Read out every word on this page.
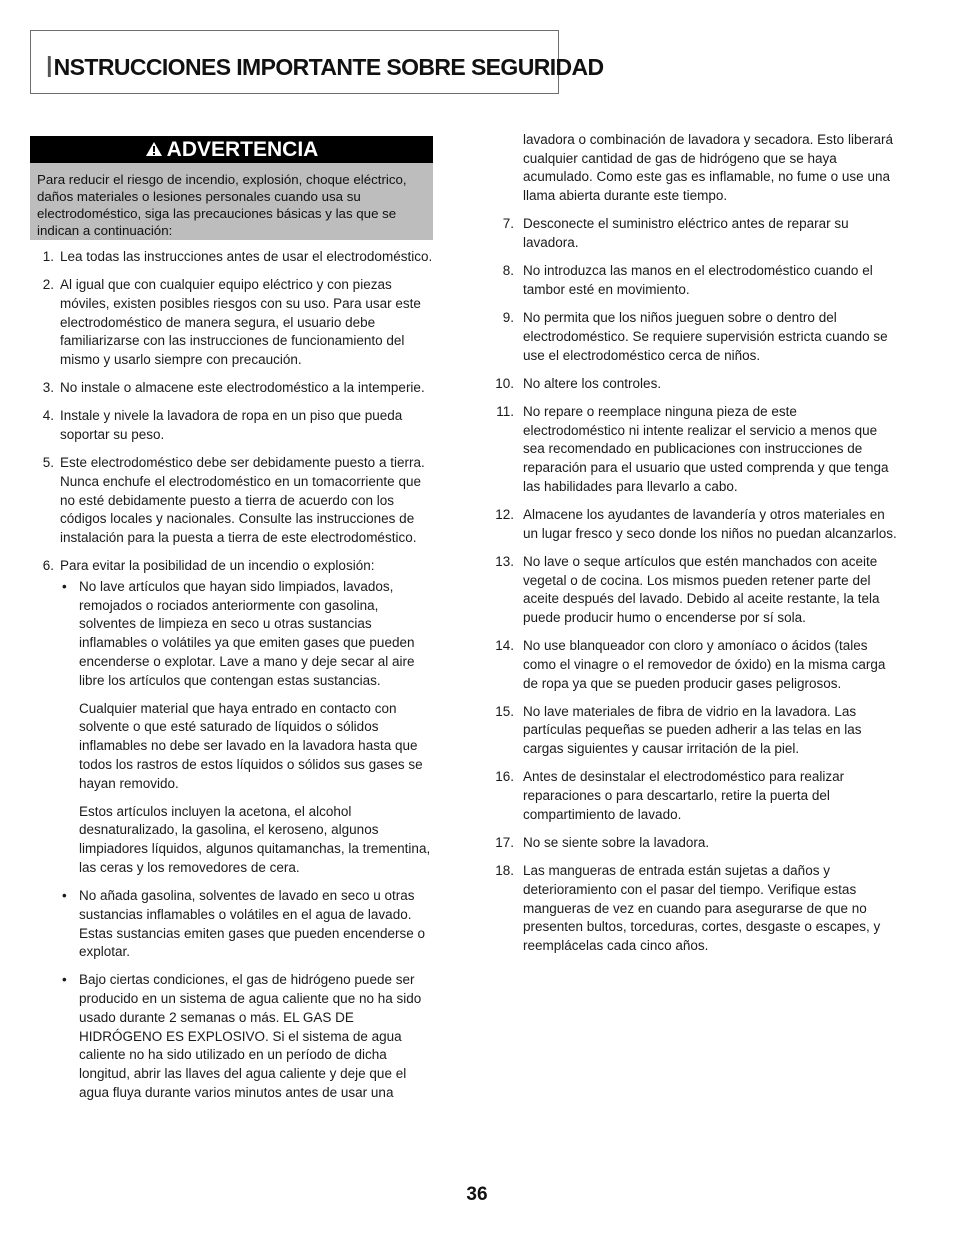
INSTRUCCIONES IMPORTANTE SOBRE SEGURIDAD
ADVERTENCIA
Para reducir el riesgo de incendio, explosión, choque eléctrico, daños materiales o lesiones personales cuando usa su electrodoméstico, siga las precauciones básicas y las que se indican a continuación:
1. Lea todas las instrucciones antes de usar el electrodoméstico.
2. Al igual que con cualquier equipo eléctrico y con piezas móviles, existen posibles riesgos con su uso. Para usar este electrodoméstico de manera segura, el usuario debe familiarizarse con las instrucciones de funcionamiento del mismo y usarlo siempre con precaución.
3. No instale o almacene este electrodoméstico a la intemperie.
4. Instale y nivele la lavadora de ropa en un piso que pueda soportar su peso.
5. Este electrodoméstico debe ser debidamente puesto a tierra. Nunca enchufe el electrodoméstico en un tomacorriente que no esté debidamente puesto a tierra de acuerdo con los códigos locales y nacionales. Consulte las instrucciones de instalación para la puesta a tierra de este electrodoméstico.
6. Para evitar la posibilidad de un incendio o explosión:
• No lave artículos que hayan sido limpiados, lavados, remojados o rociados anteriormente con gasolina, solventes de limpieza en seco u otras sustancias inflamables o volátiles ya que emiten gases que pueden encenderse o explotar. Lave a mano y deje secar al aire libre los artículos que contengan estas sustancias.
Cualquier material que haya entrado en contacto con solvente o que esté saturado de líquidos o sólidos inflamables no debe ser lavado en la lavadora hasta que todos los rastros de estos líquidos o sólidos sus gases se hayan removido.
Estos artículos incluyen la acetona, el alcohol desnaturalizado, la gasolina, el keroseno, algunos limpiadores líquidos, algunos quitamanchas, la trementina, las ceras y los removedores de cera.
• No añada gasolina, solventes de lavado en seco u otras sustancias inflamables o volátiles en el agua de lavado. Estas sustancias emiten gases que pueden encenderse o explotar.
• Bajo ciertas condiciones, el gas de hidrógeno puede ser producido en un sistema de agua caliente que no ha sido usado durante 2 semanas o más. EL GAS DE HIDRÓGENO ES EXPLOSIVO. Si el sistema de agua caliente no ha sido utilizado en un período de dicha longitud, abrir las llaves del agua caliente y deje que el agua fluya durante varios minutos antes de usar una
lavadora o combinación de lavadora y secadora. Esto liberará cualquier cantidad de gas de hidrógeno que se hayaacumulado. Como este gas es inflamable, no fume o use una llama abierta durante este tiempo.
7. Desconecte el suministro eléctrico antes de reparar su lavadora.
8. No introduzca las manos en el electrodoméstico cuando el tambor esté en movimiento.
9. No permita que los niños jueguen sobre o dentro del electrodoméstico. Se requiere supervisión estricta cuando se use el electrodoméstico cerca de niños.
10. No altere los controles.
11. No repare o reemplace ninguna pieza de este electrodoméstico ni intente realizar el servicio a menos que sea recomendado en publicaciones con instrucciones de reparación para el usuario que usted comprenda y que tenga las habilidades para llevarlo a cabo.
12. Almacene los ayudantes de lavandería y otros materiales en un lugar fresco y seco donde los niños no puedan alcanzarlos.
13. No lave o seque artículos que estén manchados con aceite vegetal o de cocina. Los mismos pueden retener parte del aceite después del lavado. Debido al aceite restante, la tela puede producir humo o encenderse por sí sola.
14. No use blanqueador con cloro y amoníaco o ácidos (tales como el vinagre o el removedor de óxido) en la misma carga de ropa ya que se pueden producir gases peligrosos.
15. No lave materiales de fibra de vidrio en la lavadora. Las partículas pequeñas se pueden adherir a las telas en las cargas siguientes y causar irritación de la piel.
16. Antes de desinstalar el electrodoméstico para realizar reparaciones o para descartarlo, retire la puerta del compartimiento de lavado.
17. No se siente sobre la lavadora.
18. Las mangueras de entrada están sujetas a daños y deterioramiento con el pasar del tiempo. Verifique estas mangueras de vez en cuando para asegurarse de que no presenten bultos, torceduras, cortes, desgaste o escapes, y reemplácelas cada cinco años.
36
